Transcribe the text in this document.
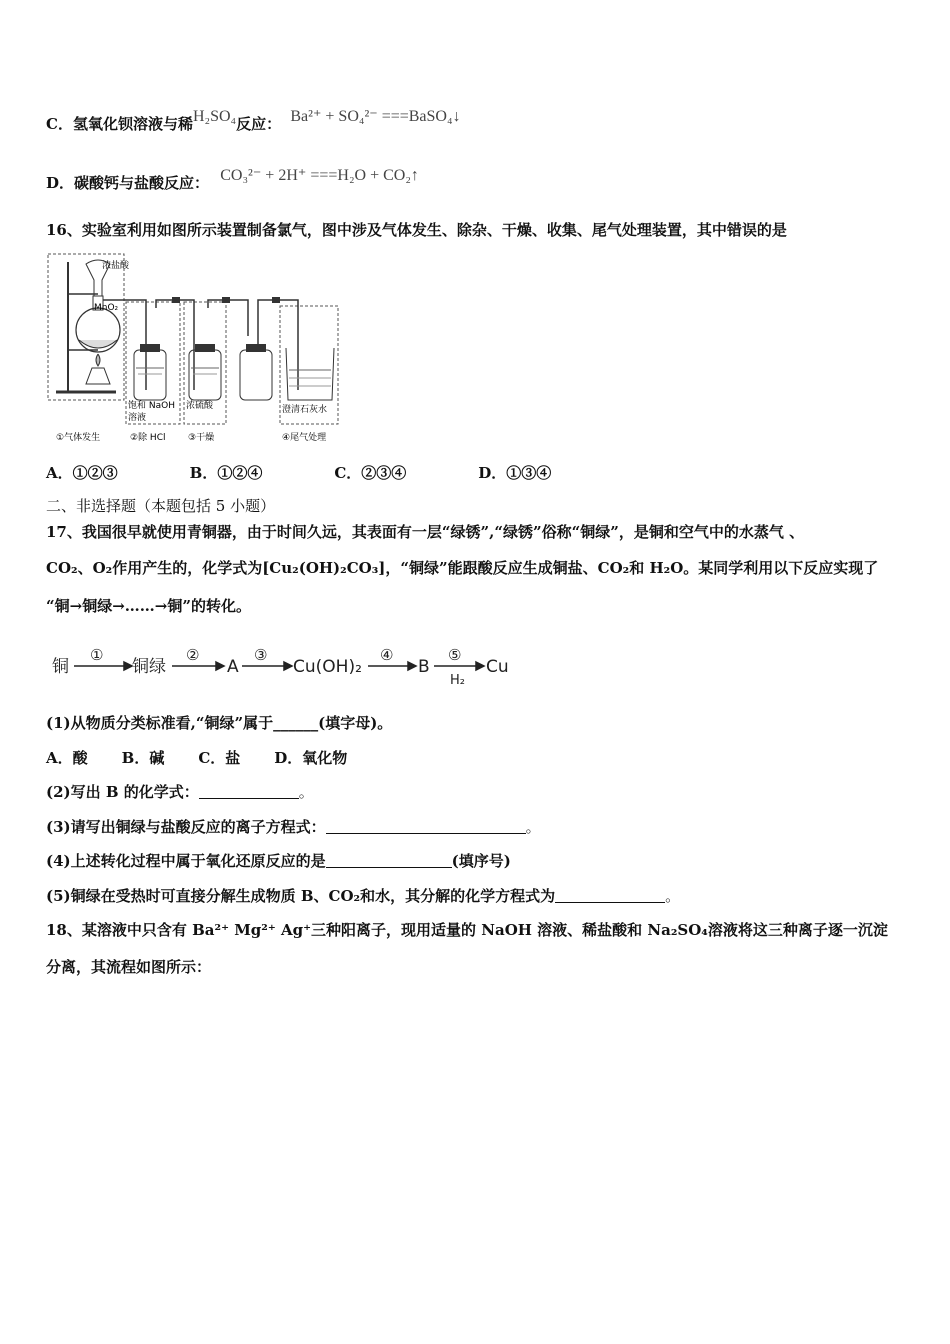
C．氢氧化钡溶液与稀H₂SO₄反应： Ba²⁺ + SO₄²⁻ ===BaSO₄↓
D．碳酸钙与盐酸反应： CO₃²⁻ + 2H⁺ ===H₂O + CO₂↑
16、实验室利用如图所示装置制备氯气，图中涉及气体发生、除杂、干燥、收集、尾气处理装置，其中错误的是
浓盐酸
MnO₂
饱和 NaOH
溶液
浓硫酸	澄清石灰水
①气体发生	②除 HCl	③干燥	④尾气处理
A．①②③	B．①②④	C．②③④	D．①③④
二、非选择题（本题包括 5 小题）
17、我国很早就使用青铜器，由于时间久远，其表面有一层“绿锈”,“绿锈”俗称“铜绿”，是铜和空气中的水蒸气 、
CO₂、O₂作用产生的，化学式为[Cu₂(OH)₂CO₃]，“铜绿”能跟酸反应生成铜盐、CO₂和 H₂O。某同学利用以下反应实现了
“铜→铜绿→……→铜”的转化。
铜	铜绿	A	Cu(OH)₂	B	Cu
①	②	③	④	⑤
H₂
(1)从物质分类标准看,“铜绿”属于______(填字母)。
A．酸 B．碱 C．盐 D．氧化物
(2)写出 B 的化学式：	。
(3)请写出铜绿与盐酸反应的离子方程式：	。
(4)上述转化过程中属于氧化还原反应的是	(填序号)
(5)铜绿在受热时可直接分解生成物质 B、CO₂和水，其分解的化学方程式为	。
18、某溶液中只含有 Ba²⁺ Mg²⁺ Ag⁺三种阳离子，现用适量的 NaOH 溶液、稀盐酸和 Na₂SO₄溶液将这三种离子逐一沉淀
分离，其流程如图所示：
